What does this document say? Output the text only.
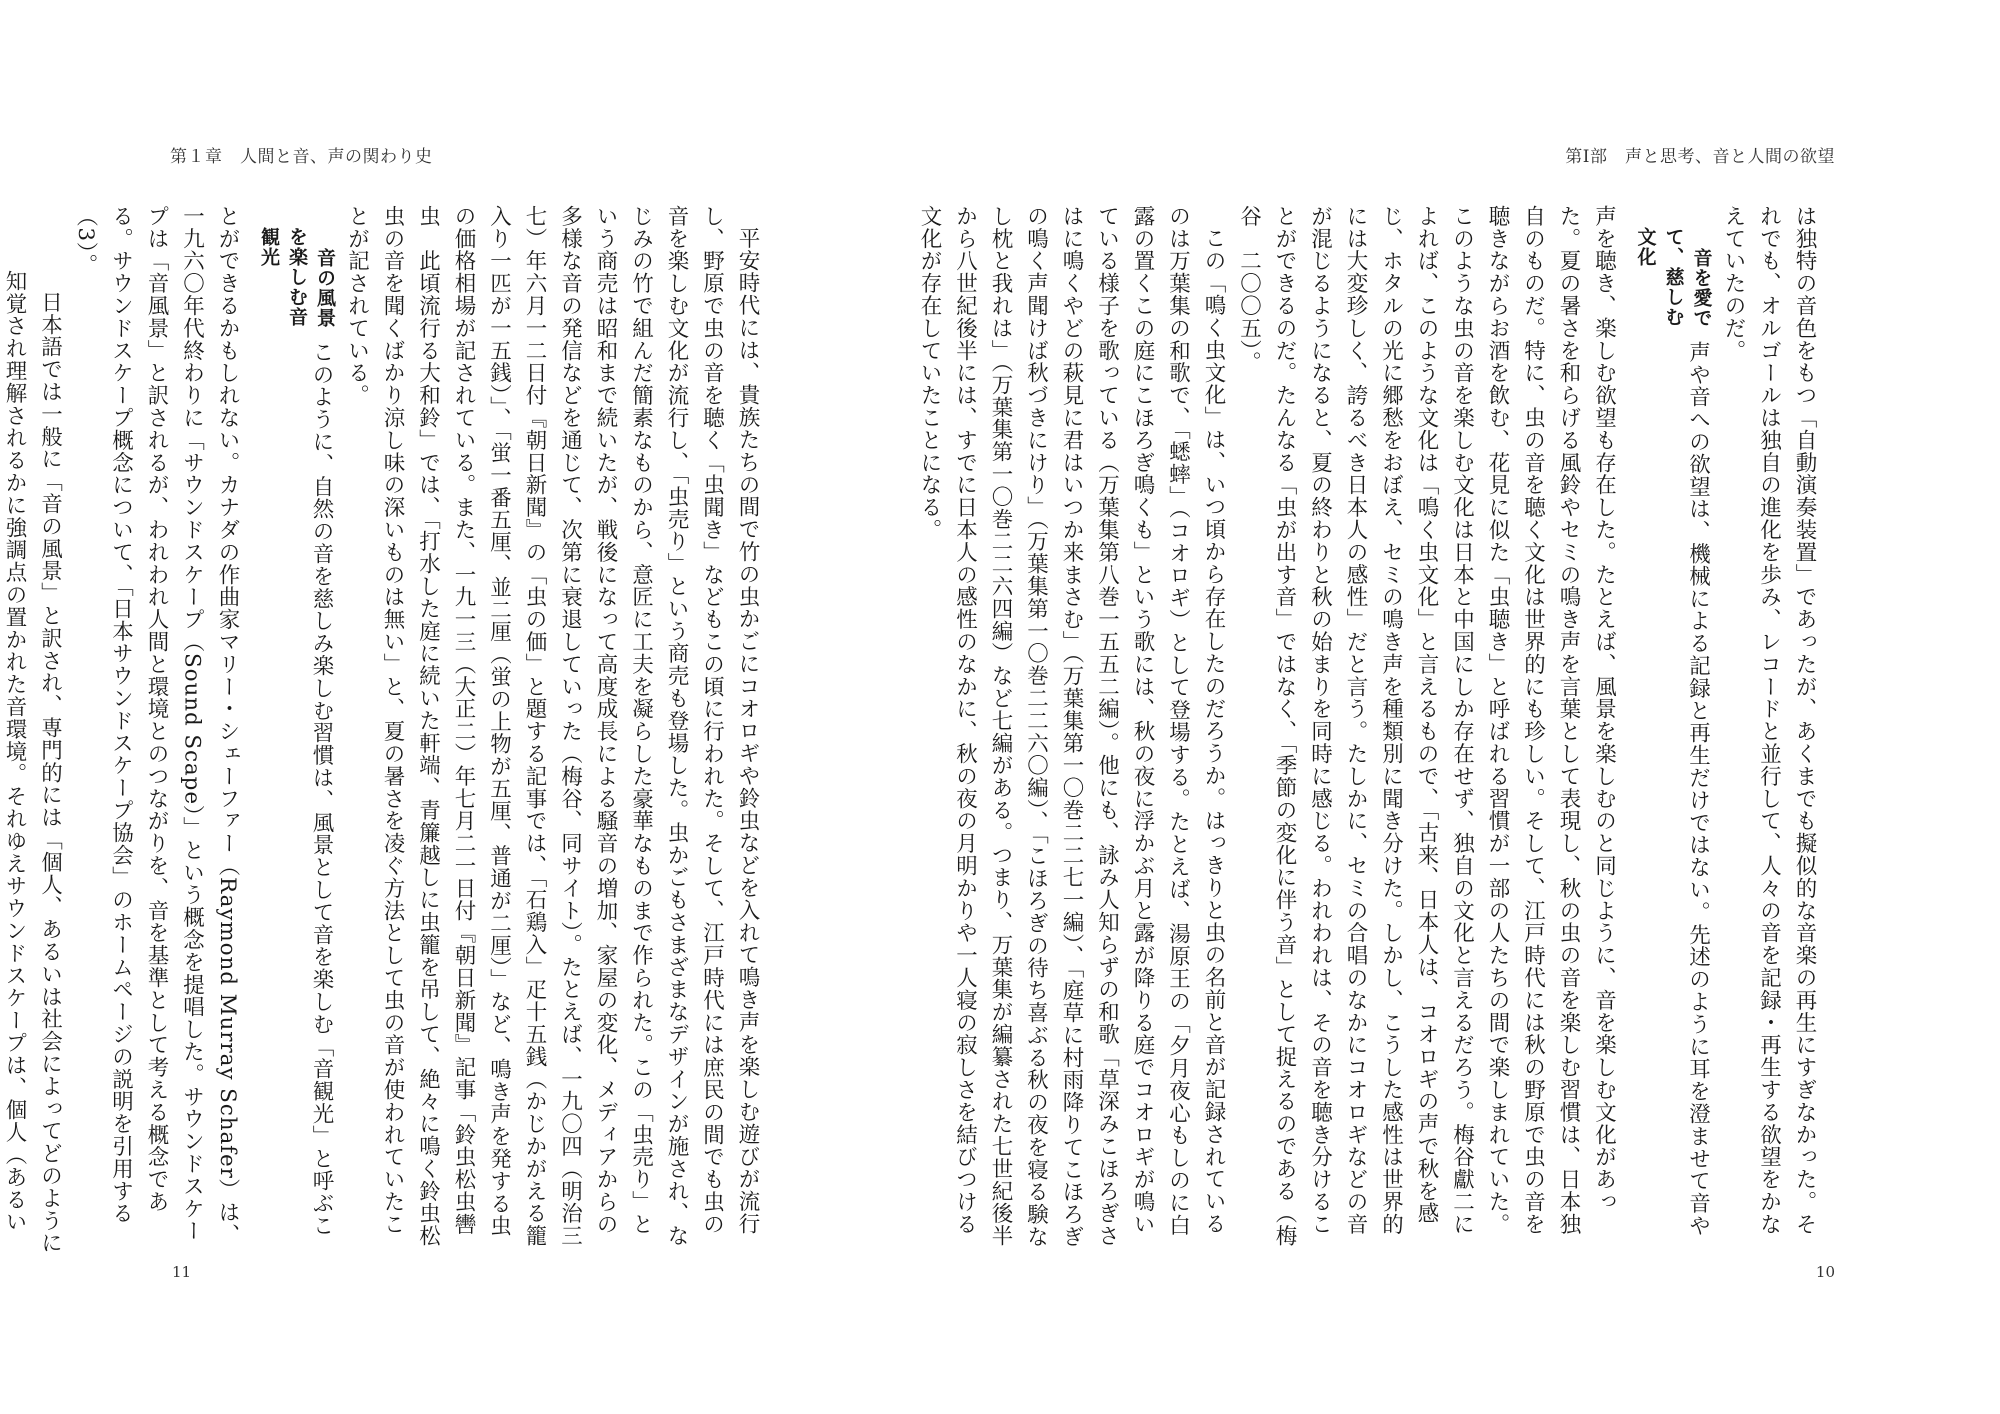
第１章　人間と音、声の関わり史

平安時代には、貴族たちの間で竹の虫かごにコオロギや鈴虫などを入れて鳴き声を楽しむ遊びが流行し、野原で虫の音を聴く「虫聞き」などもこの頃に行われた。そして、江戸時代には庶民の間でも虫の音を楽しむ文化が流行し、「虫売り」という商売も登場した。虫かごもさまざまなデザインが施され、なじみの竹で組んだ簡素なものから、意匠に工夫を凝らした豪華なものまで作られた。この「虫売り」という商売は昭和まで続いたが、戦後になって高度成長による騒音の増加、家屋の変化、メディアからの多様な音の発信などを通じて、次第に衰退していった（梅谷、同サイト）。たとえば、一九〇四（明治三七）年六月一二日付『朝日新聞』の「虫の価」と題する記事では、「石鶏入」疋十五銭（かじかがえる籠入り一匹が一五銭）」、「蛍一番五厘、並二厘（蛍の上物が五厘、普通が二厘）」など、鳴き声を発する虫の価格相場が記されている。また、一九一三（大正二）年七月二一日付『朝日新聞』記事「鈴虫松虫轡虫　此頃流行る大和鈴」では、「打水した庭に続いた軒端、青簾越しに虫籠を吊して、絶々に鳴く鈴虫松虫の音を聞くばかり涼し味の深いものは無い」と、夏の暑さを凌ぐ方法として虫の音が使われていたことが記されている。

音の風景を楽しむ音観光このように、自然の音を慈しみ楽しむ習慣は、風景として音を楽しむ「音観光」と呼ぶことができるかもしれない。カナダの作曲家マリー・シェーファー（Raymond Murray Schafer）は、一九六〇年代終わりに「サウンドスケープ（Sound Scape）」という概念を提唱した。サウンドスケープは「音風景」と訳されるが、われわれ人間と環境とのつながりを、音を基準として考える概念である。サウンドスケープ概念について、「日本サウンドスケープ協会」のホームページの説明を引用する（3）。

日本語では一般に「音の風景」と訳され、専門的には「個人、あるいは社会によってどのように知覚され理解されるかに強調点の置かれた音環境。それゆえサウンドスケープは、個人（あるい

11
第Ⅰ部　声と思考、音と人間の欲望

は独特の音色をもつ「自動演奏装置」であったが、あくまでも擬似的な音楽の再生にすぎなかった。それでも、オルゴールは独自の進化を歩み、レコードと並行して、人々の音を記録・再生する欲望をかなえていたのだ。

音を愛でて、慈しむ文化声や音への欲望は、機械による記録と再生だけではない。先述のように耳を澄ませて音や声を聴き、楽しむ欲望も存在した。たとえば、風景を楽しむのと同じように、音を楽しむ文化があった。夏の暑さを和らげる風鈴やセミの鳴き声を言葉として表現し、秋の虫の音を楽しむ習慣は、日本独自のものだ。特に、虫の音を聴く文化は世界的にも珍しい。そして、江戸時代には秋の野原で虫の音を聴きながらお酒を飲む、花見に似た「虫聴き」と呼ばれる習慣が一部の人たちの間で楽しまれていた。このような虫の音を楽しむ文化は日本と中国にしか存在せず、独自の文化と言えるだろう。梅谷獻二によれば、このような文化は「鳴く虫文化」と言えるもので、「古来、日本人は、コオロギの声で秋を感じ、ホタルの光に郷愁をおぼえ、セミの鳴き声を種類別に聞き分けた。しかし、こうした感性は世界的には大変珍しく、誇るべき日本人の感性」だと言う。たしかに、セミの合唱のなかにコオロギなどの音が混じるようになると、夏の終わりと秋の始まりを同時に感じる。われわれは、その音を聴き分けることができるのだ。たんなる「虫が出す音」ではなく、「季節の変化に伴う音」として捉えるのである（梅谷　二〇〇五）。

この「鳴く虫文化」は、いつ頃から存在したのだろうか。はっきりと虫の名前と音が記録されているのは万葉集の和歌で、「蟋蟀」（コオロギ）として登場する。たとえば、湯原王の「夕月夜心もしのに白露の置くこの庭にこほろぎ鳴くも」という歌には、秋の夜に浮かぶ月と露が降りる庭でコオロギが鳴いている様子を歌っている（万葉集第八巻一五五二編）。他にも、詠み人知らずの和歌「草深みこほろぎさはに鳴くやどの萩見に君はいつか来まさむ」（万葉集第一〇巻二二七一編）、「庭草に村雨降りてこほろぎの鳴く声聞けば秋づきにけり」（万葉集第一〇巻二二六〇編）、「こほろぎの待ち喜ぶる秋の夜を寝る験なし枕と我れは」（万葉集第一〇巻二二六四編）など七編がある。つまり、万葉集が編纂された七世紀後半から八世紀後半には、すでに日本人の感性のなかに、秋の夜の月明かりや一人寝の寂しさを結びつける文化が存在していたことになる。

10
